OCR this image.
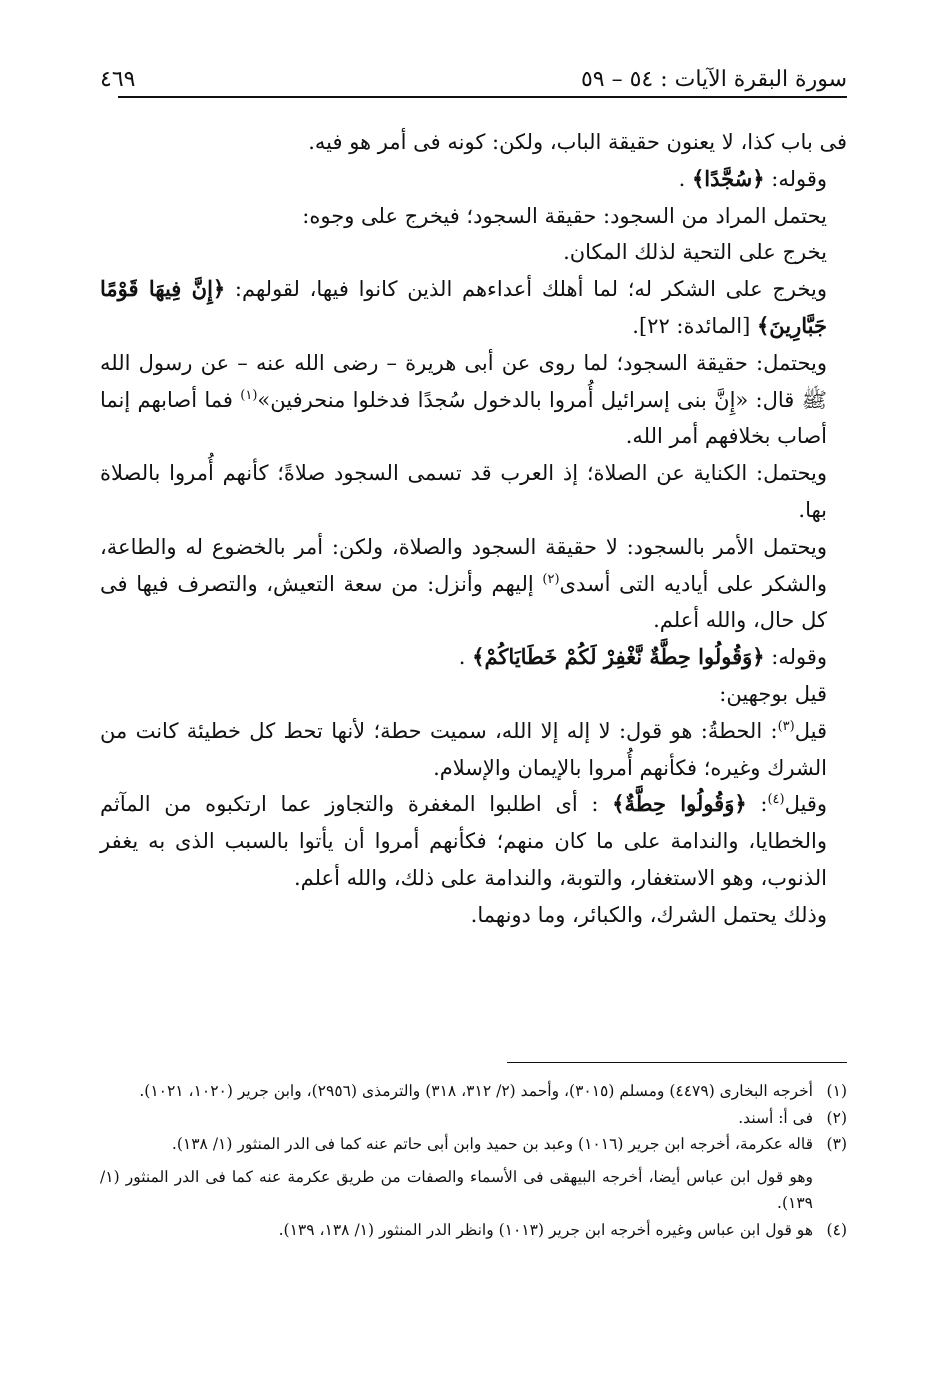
سورة البقرة الآيات : ٥٤ – ٥٩
٤٦٩

فى باب كذا، لا يعنون حقيقة الباب، ولكن: كونه فى أمر هو فيه.

وقوله: ﴿سُجَّدًا﴾ .

يحتمل المراد من السجود: حقيقة السجود؛ فيخرج على وجوه:

يخرج على التحية لذلك المكان.

ويخرج على الشكر له؛ لما أهلك أعداءهم الذين كانوا فيها، لقولهم: ﴿إِنَّ فِيهَا قَوْمًا جَبَّارِينَ﴾ [المائدة: ٢٢].

ويحتمل: حقيقة السجود؛ لما روى عن أبى هريرة – رضى الله عنه – عن رسول الله ﷺ قال: «إِنَّ بنى إسرائيل أُمروا بالدخول سُجدًا فدخلوا منحرفين»$^{(١)}$ فما أصابهم إنما أصاب بخلافهم أمر الله.

ويحتمل: الكناية عن الصلاة؛ إذ العرب قد تسمى السجود صلاةً؛ كأنهم أُمروا بالصلاة بها.

ويحتمل الأمر بالسجود: لا حقيقة السجود والصلاة، ولكن: أمر بالخضوع له والطاعة، والشكر على أياديه التى أسدى$^{(٢)}$ إليهم وأنزل: من سعة التعيش، والتصرف فيها فى كل حال، والله أعلم.

وقوله: ﴿وَقُولُوا حِطَّةٌ نَّغْفِرْ لَكُمْ خَطَايَاكُمْ﴾ .

قيل بوجهين:

قيل$^{(٣)}$: الحطةُ: هو قول: لا إله إلا الله، سميت حطة؛ لأنها تحط كل خطيئة كانت من الشرك وغيره؛ فكأنهم أُمروا بالإيمان والإسلام.

وقيل$^{(٤)}$: ﴿وَقُولُوا حِطَّةٌ﴾ : أى اطلبوا المغفرة والتجاوز عما ارتكبوه من المآثم والخطايا، والندامة على ما كان منهم؛ فكأنهم أمروا أن يأتوا بالسبب الذى به يغفر الذنوب، وهو الاستغفار، والتوبة، والندامة على ذلك، والله أعلم.

وذلك يحتمل الشرك، والكبائر، وما دونهما.

(١)
أخرجه البخارى (٤٤٧٩) ومسلم (٣٠١٥)، وأحمد (٢/ ٣١٢، ٣١٨) والترمذى (٢٩٥٦)، وابن جرير (١٠٢٠، ١٠٢١).
(٢)
فى أ: أسند.
(٣)
قاله عكرمة، أخرجه ابن جرير (١٠١٦) وعبد بن حميد وابن أبى حاتم عنه كما فى الدر المنثور (١/ ١٣٨).
وهو قول ابن عباس أيضا، أخرجه البيهقى فى الأسماء والصفات من طريق عكرمة عنه كما فى الدر المنثور (١/ ١٣٩).
(٤)
هو قول ابن عباس وغيره أخرجه ابن جرير (١٠١٣) وانظر الدر المنثور (١/ ١٣٨، ١٣٩).
